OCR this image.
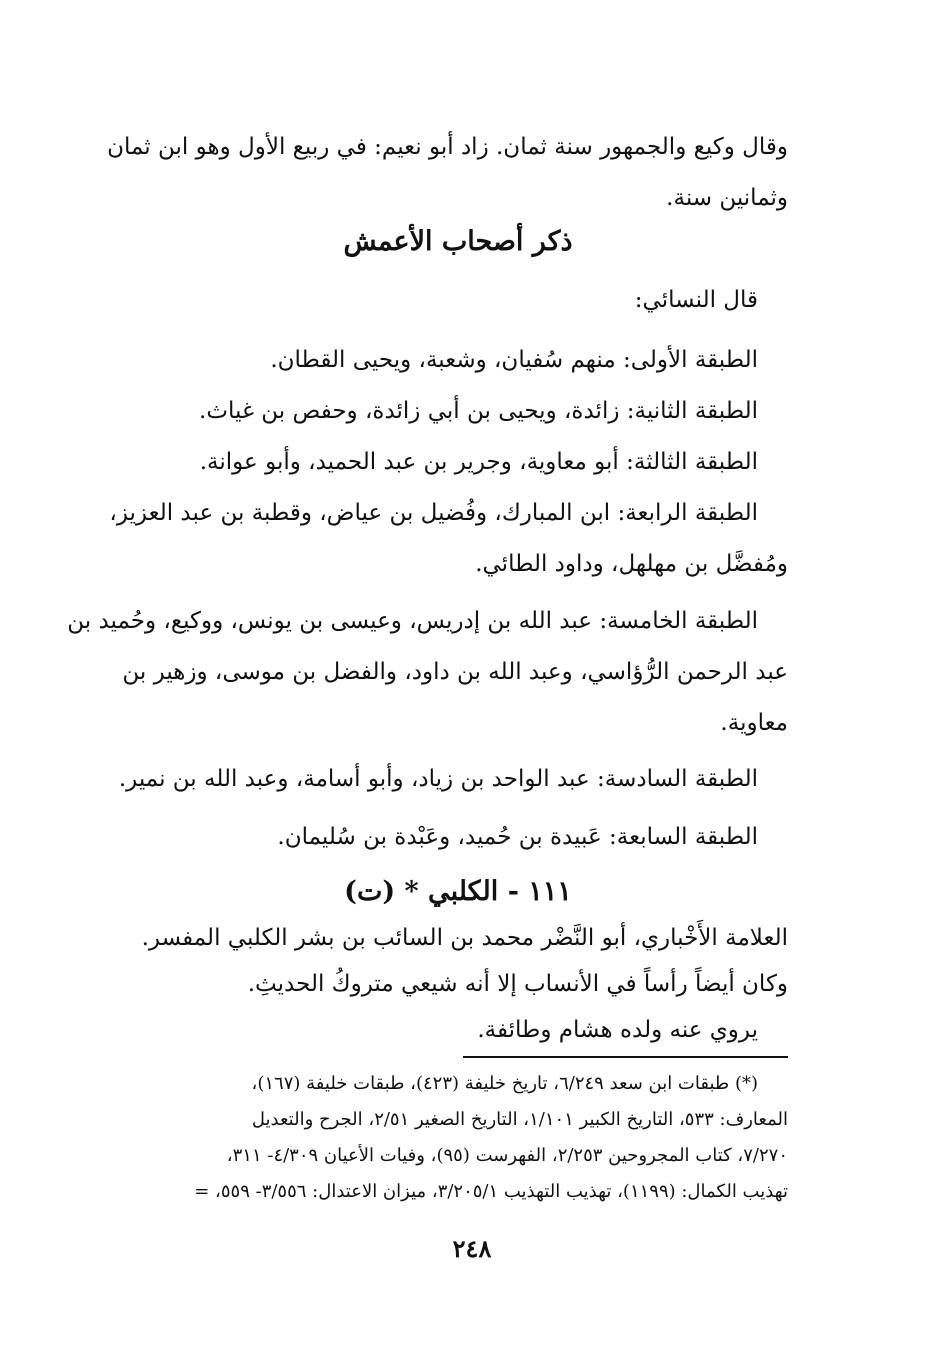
وقال وكيع والجمهور سنة ثمان. زاد أبو نعيم: في ربيع الأول وهو ابن ثمان
وثمانين سنة.
ذكر أصحاب الأعمش
قال النسائي:
الطبقة الأولى: منهم سُفيان، وشعبة، ويحيى القطان.
الطبقة الثانية: زائدة، ويحيى بن أبي زائدة، وحفص بن غياث.
الطبقة الثالثة: أبو معاوية، وجرير بن عبد الحميد، وأبو عوانة.
الطبقة الرابعة: ابن المبارك، وفُضيل بن عياض، وقطبة بن عبد العزيز،
ومُفضَّل بن مهلهل، وداود الطائي.
الطبقة الخامسة: عبد الله بن إدريس، وعيسى بن يونس، ووكيع، وحُميد بن
عبد الرحمن الرُّؤاسي، وعبد الله بن داود، والفضل بن موسى، وزهير بن
معاوية.
الطبقة السادسة: عبد الواحد بن زياد، وأبو أسامة، وعبد الله بن نمير.
الطبقة السابعة: عَبيدة بن حُميد، وعَبْدة بن سُليمان.
١١١ - الكلبي * (ت)
العلامة الأَخْباري، أبو النَّضْر محمد بن السائب بن بشر الكلبي المفسر.
وكان أيضاً رأساً في الأنساب إلا أنه شيعي متروكُ الحديثِ.
يروي عنه ولده هشام وطائفة.
(*) طبقات ابن سعد ٦/٢٤٩، تاريخ خليفة (٤٢٣)، طبقات خليفة (١٦٧)،
المعارف: ٥٣٣، التاريخ الكبير ١/١٠١، التاريخ الصغير ٢/٥١، الجرح والتعديل
٧/٢٧٠، كتاب المجروحين ٢/٢٥٣، الفهرست (٩٥)، وفيات الأعيان ٤/٣٠٩- ٣١١،
تهذيب الكمال: (١١٩٩)، تهذيب التهذيب ٣/٢٠٥/١، ميزان الاعتدال: ٣/٥٥٦- ٥٥٩، =
٢٤٨
